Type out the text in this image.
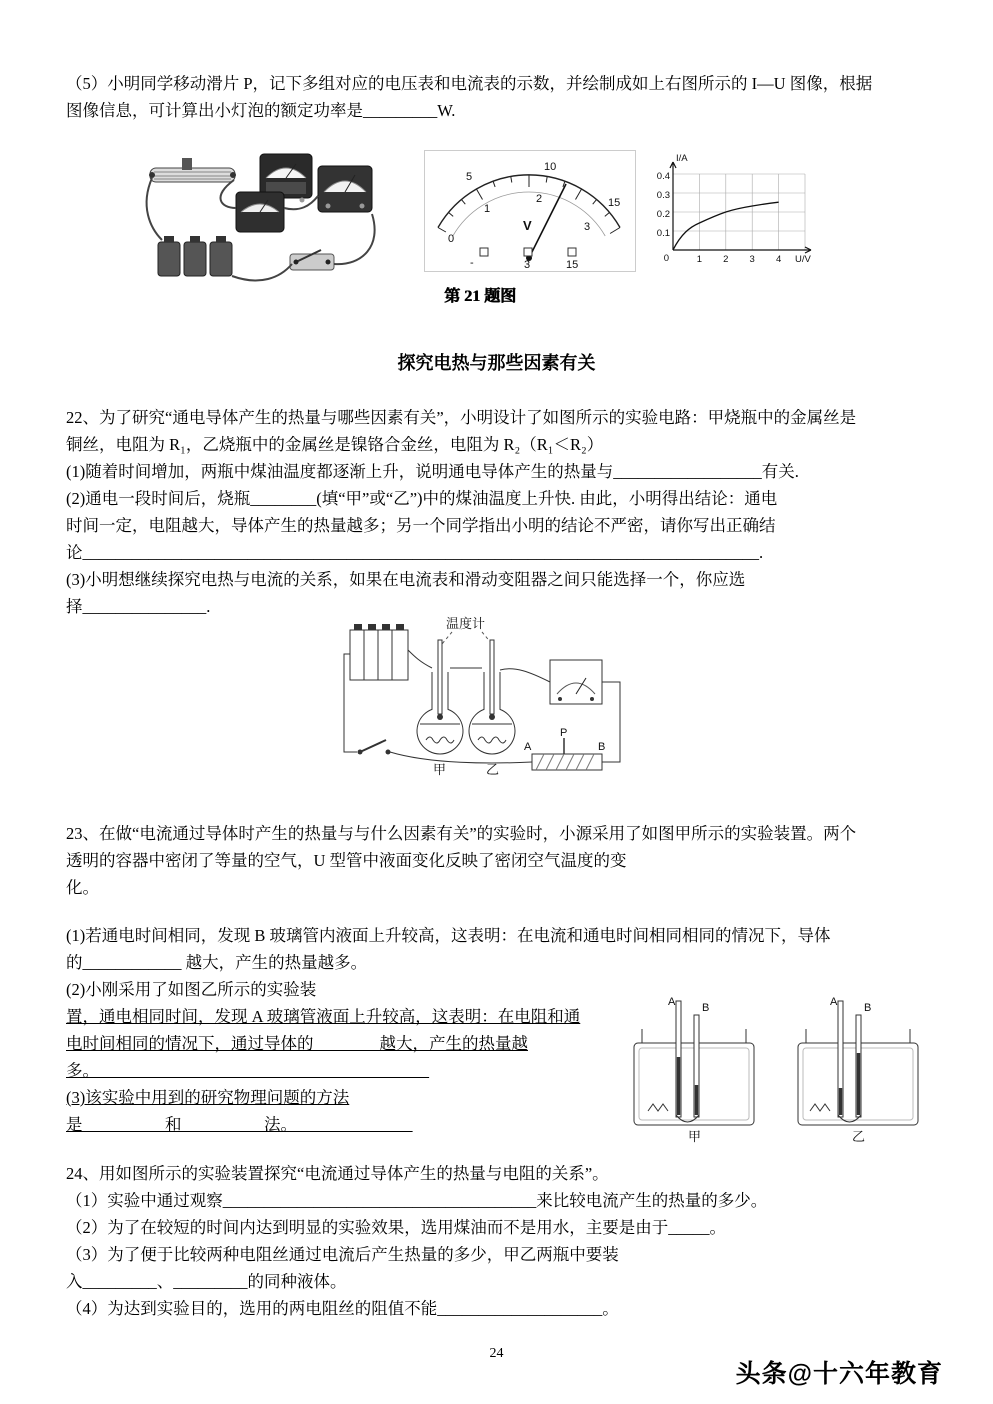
（5）小明同学移动滑片 P，记下多组对应的电压表和电流表的示数，并绘制成如上右图所示的 I—U 图像，根据

图像信息，可计算出小灯泡的额定功率是_________W.

5
10
15
0
1
2
3
V
-	3	15
I/A
U/V
0
0.1
0.2
0.3
0.4
1 2 3 4
第 21 题图
探究电热与那些因素有关

22、为了研究“通电导体产生的热量与哪些因素有关”，小明设计了如图所示的实验电路：甲烧瓶中的金属丝是

铜丝，电阻为 R₁，乙烧瓶中的金属丝是镍铬合金丝，电阻为 R₂（R₁＜R₂）

(1)随着时间增加，两瓶中煤油温度都逐渐上升，说明通电导体产生的热量与__________________有关.

(2)通电一段时间后，烧瓶________(填“甲”或“乙”)中的煤油温度上升快. 由此，小明得出结论：通电

时间一定，电阻越大，导体产生的热量越多；另一个同学指出小明的结论不严密，请你写出正确结

论__________________________________________________________________________________.

(3)小明想继续探究电热与电流的关系，如果在电流表和滑动变阻器之间只能选择一个，你应选

择_______________.

温度计
甲	乙
A
P
B

23、在做“电流通过导体时产生的热量与与什么因素有关”的实验时，小源采用了如图甲所示的实验装置。两个

透明的容器中密闭了等量的空气，U 型管中液面变化反映了密闭空气温度的变

化。

(1)若通电时间相同，发现 B 玻璃管内液面上升较高，这表明：在电流和通电时间相同相同的情况下，导体

的____________ 越大，产生的热量越多。

(2)小刚采用了如图乙所示的实验装

置，通电相同时间，发现 A 玻璃管液面上升较高，这表明：在电阻和通

电时间相同的情况下，通过导体的________越大，产生的热量越

多。________________________________________

(3)该实验中用到的研究物理问题的方法

是__________和__________法。______________

A B
甲
A B
乙

24、用如图所示的实验装置探究“电流通过导体产生的热量与电阻的关系”。

（1）实验中通过观察______________________________________来比较电流产生的热量的多少。

（2）为了在较短的时间内达到明显的实验效果，选用煤油而不是用水，主要是由于_____。

（3）为了便于比较两种电阻丝通过电流后产生热量的多少，甲乙两瓶中要装

入_________、_________的同种液体。

（4）为达到实验目的，选用的两电阻丝的阻值不能____________________。

24
头条@十六年教育
